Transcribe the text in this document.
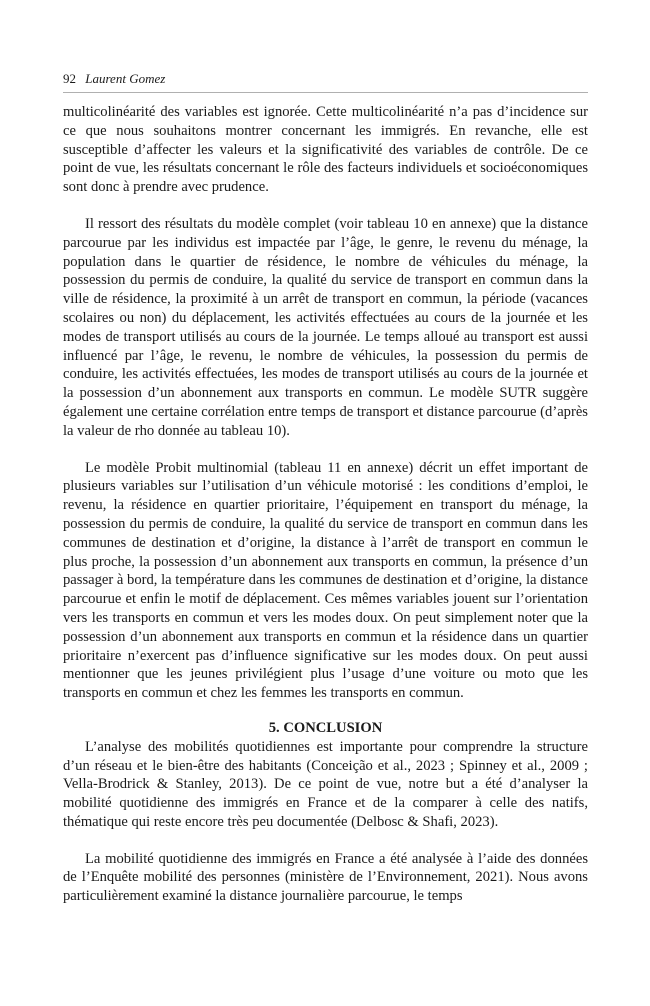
92 Laurent Gomez

multicolinéarité des variables est ignorée. Cette multicolinéarité n’a pas d’incidence sur ce que nous souhaitons montrer concernant les immigrés. En revanche, elle est susceptible d’affecter les valeurs et la significativité des variables de contrôle. De ce point de vue, les résultats concernant le rôle des facteurs individuels et socioéconomiques sont donc à prendre avec prudence.

Il ressort des résultats du modèle complet (voir tableau 10 en annexe) que la distance parcourue par les individus est impactée par l’âge, le genre, le revenu du ménage, la population dans le quartier de résidence, le nombre de véhicules du ménage, la possession du permis de conduire, la qualité du service de transport en commun dans la ville de résidence, la proximité à un arrêt de transport en commun, la période (vacances scolaires ou non) du déplacement, les activités effectuées au cours de la journée et les modes de transport utilisés au cours de la journée. Le temps alloué au transport est aussi influencé par l’âge, le revenu, le nombre de véhicules, la possession du permis de conduire, les activités effectuées, les modes de transport utilisés au cours de la journée et la possession d’un abonnement aux transports en commun. Le modèle SUTR suggère également une certaine corrélation entre temps de transport et distance parcourue (d’après la valeur de rho donnée au tableau 10).

Le modèle Probit multinomial (tableau 11 en annexe) décrit un effet important de plusieurs variables sur l’utilisation d’un véhicule motorisé : les conditions d’emploi, le revenu, la résidence en quartier prioritaire, l’équipement en transport du ménage, la possession du permis de conduire, la qualité du service de transport en commun dans les communes de destination et d’origine, la distance à l’arrêt de transport en commun le plus proche, la possession d’un abonnement aux transports en commun, la présence d’un passager à bord, la température dans les communes de destination et d’origine, la distance parcourue et enfin le motif de déplacement. Ces mêmes variables jouent sur l’orientation vers les transports en commun et vers les modes doux. On peut simplement noter que la possession d’un abonnement aux transports en commun et la résidence dans un quartier prioritaire n’exercent pas d’influence significative sur les modes doux. On peut aussi mentionner que les jeunes privilégient plus l’usage d’une voiture ou moto que les transports en commun et chez les femmes les transports en commun.

5. CONCLUSION

L’analyse des mobilités quotidiennes est importante pour comprendre la structure d’un réseau et le bien-être des habitants (Conceição et al., 2023 ; Spinney et al., 2009 ; Vella-Brodrick & Stanley, 2013). De ce point de vue, notre but a été d’analyser la mobilité quotidienne des immigrés en France et de la comparer à celle des natifs, thématique qui reste encore très peu documentée (Delbosc & Shafi, 2023).

La mobilité quotidienne des immigrés en France a été analysée à l’aide des données de l’Enquête mobilité des personnes (ministère de l’Environnement, 2021). Nous avons particulièrement examiné la distance journalière parcourue, le temps
